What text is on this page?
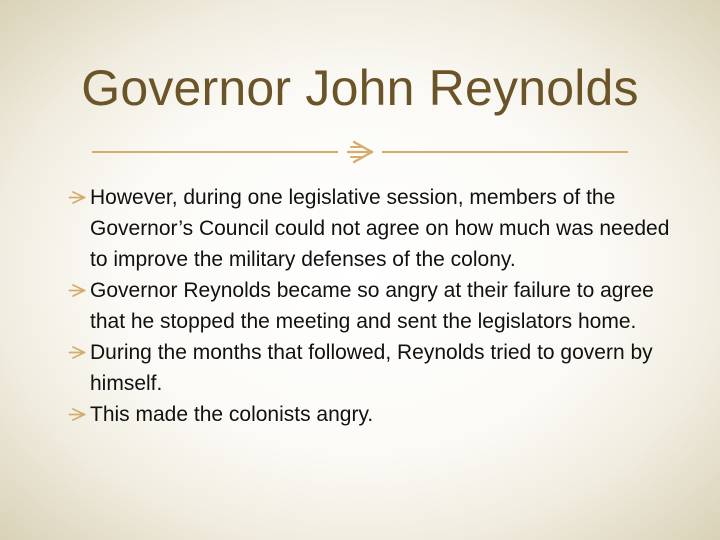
Governor John Reynolds
However, during one legislative session, members of the Governor’s Council could not agree on how much was needed to improve the military defenses of the colony.
Governor Reynolds became so angry at their failure to agree that he stopped the meeting and sent the legislators home.
During the months that followed, Reynolds tried to govern by himself.
This made the colonists angry.
